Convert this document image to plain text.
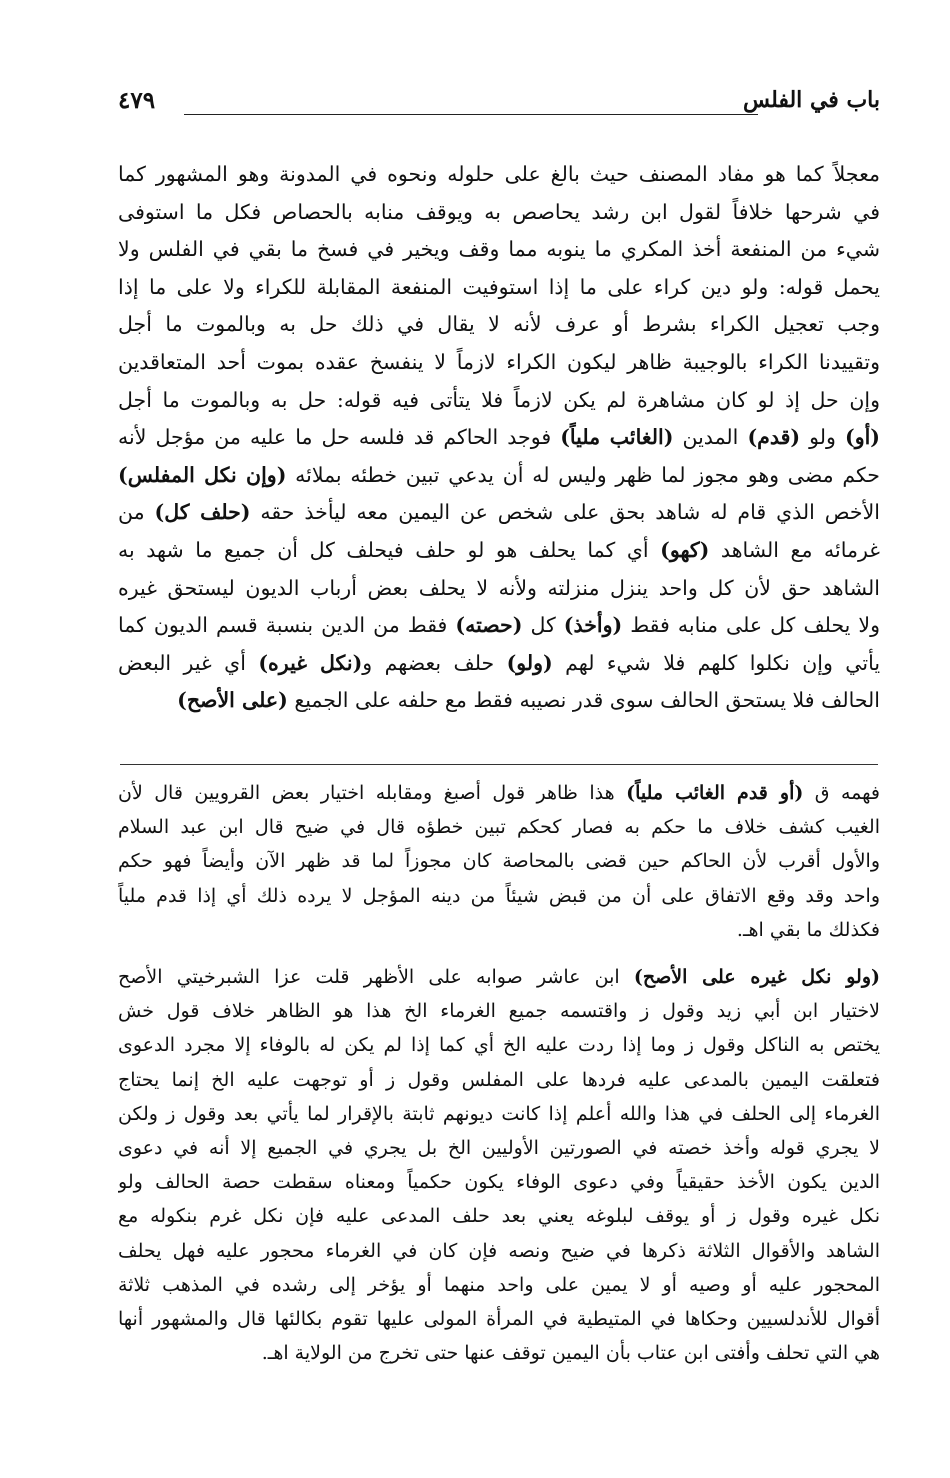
باب في الفلس
٤٧٩
معجلاً كما هو مفاد المصنف حيث بالغ على حلوله ونحوه في المدونة وهو المشهور كما
في شرحها خلافاً لقول ابن رشد يحاصص به ويوقف منابه بالحصاص فكل ما استوفى
شيء من المنفعة أخذ المكري ما ينوبه مما وقف ويخير في فسخ ما بقي في الفلس ولا
يحمل قوله: ولو دين كراء على ما إذا استوفيت المنفعة المقابلة للكراء ولا على ما إذا
وجب تعجيل الكراء بشرط أو عرف لأنه لا يقال في ذلك حل به وبالموت ما أجل
وتقييدنا الكراء بالوجيبة ظاهر ليكون الكراء لازماً لا ينفسخ عقده بموت أحد المتعاقدين
وإن حل إذ لو كان مشاهرة لم يكن لازماً فلا يتأتى فيه قوله: حل به وبالموت ما أجل
(أو) ولو (قدم) المدين (الغائب ملياً) فوجد الحاكم قد فلسه حل ما عليه من مؤجل لأنه
حكم مضى وهو مجوز لما ظهر وليس له أن يدعي تبين خطئه بملائه (وإن نكل المفلس)
الأخص الذي قام له شاهد بحق على شخص عن اليمين معه ليأخذ حقه (حلف كل) من
غرمائه مع الشاهد (كهو) أي كما يحلف هو لو حلف فيحلف كل أن جميع ما شهد به
الشاهد حق لأن كل واحد ينزل منزلته ولأنه لا يحلف بعض أرباب الديون ليستحق غيره
ولا يحلف كل على منابه فقط (وأخذ) كل (حصته) فقط من الدين بنسبة قسم الديون كما
يأتي وإن نكلوا كلهم فلا شيء لهم (ولو) حلف بعضهم و(نكل غيره) أي غير البعض
الحالف فلا يستحق الحالف سوى قدر نصيبه فقط مع حلفه على الجميع (على الأصح)
فهمه ق (أو قدم الغائب ملياً) هذا ظاهر قول أصبغ ومقابله اختيار بعض القرويين قال لأن
الغيب كشف خلاف ما حكم به فصار كحكم تبين خطؤه قال في ضيح قال ابن عبد السلام
والأول أقرب لأن الحاكم حين قضى بالمحاصة كان مجوزاً لما قد ظهر الآن وأيضاً فهو حكم
واحد وقد وقع الاتفاق على أن من قبض شيئاً من دينه المؤجل لا يرده ذلك أي إذا قدم ملياً
فكذلك ما بقي اهـ.
(ولو نكل غيره على الأصح) ابن عاشر صوابه على الأظهر قلت عزا الشبرخيتي الأصح
لاختيار ابن أبي زيد وقول ز واقتسمه جميع الغرماء الخ هذا هو الظاهر خلاف قول خش
يختص به الناكل وقول ز وما إذا ردت عليه الخ أي كما إذا لم يكن له بالوفاء إلا مجرد الدعوى
فتعلقت اليمين بالمدعى عليه فردها على المفلس وقول ز أو توجهت عليه الخ إنما يحتاج
الغرماء إلى الحلف في هذا والله أعلم إذا كانت ديونهم ثابتة بالإقرار لما يأتي بعد وقول ز ولكن
لا يجري قوله وأخذ خصته في الصورتين الأوليين الخ بل يجري في الجميع إلا أنه في دعوى
الدين يكون الأخذ حقيقياً وفي دعوى الوفاء يكون حكمياً ومعناه سقطت حصة الحالف ولو
نكل غيره وقول ز أو يوقف لبلوغه يعني بعد حلف المدعى عليه فإن نكل غرم بنكوله مع
الشاهد والأقوال الثلاثة ذكرها في ضيح ونصه فإن كان في الغرماء محجور عليه فهل يحلف
المحجور عليه أو وصيه أو لا يمين على واحد منهما أو يؤخر إلى رشده في المذهب ثلاثة
أقوال للأندلسيين وحكاها في المتيطية في المرأة المولى عليها تقوم بكالئها قال والمشهور أنها
هي التي تحلف وأفتى ابن عتاب بأن اليمين توقف عنها حتى تخرج من الولاية اهـ.
